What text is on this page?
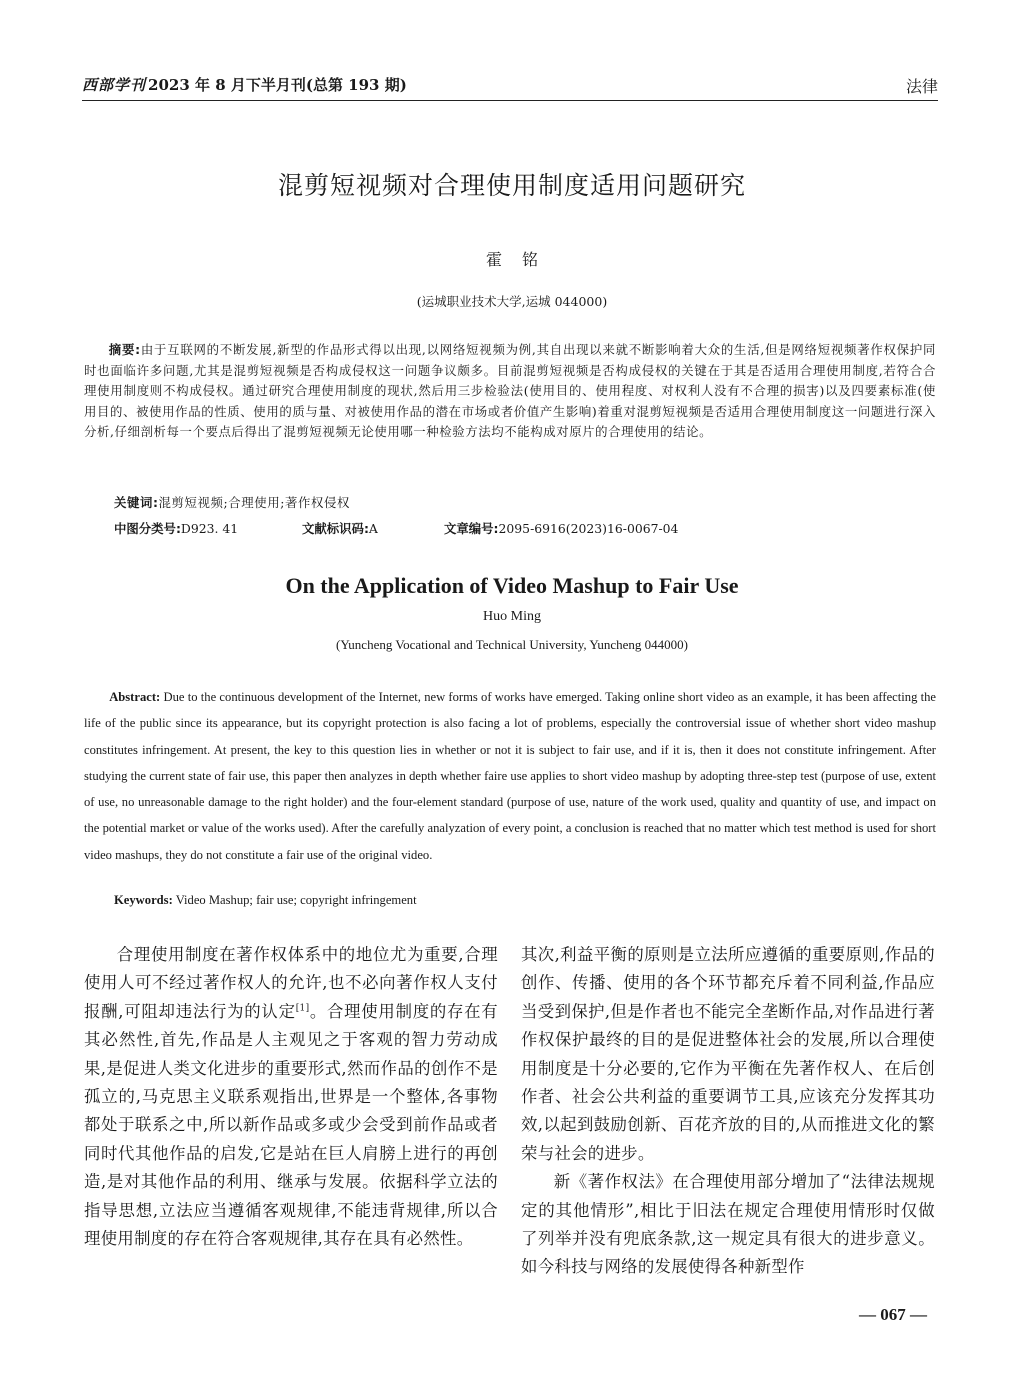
西部学刊 2023 年 8 月下半月刊(总第 193 期)	法律
混剪短视频对合理使用制度适用问题研究
霍铭
(运城职业技术大学,运城 044000)
摘要:由于互联网的不断发展,新型的作品形式得以出现,以网络短视频为例,其自出现以来就不断影响着大众的生活,但是网络短视频著作权保护同时也面临许多问题,尤其是混剪短视频是否构成侵权这一问题争议颇多。目前混剪短视频是否构成侵权的关键在于其是否适用合理使用制度,若符合合理使用制度则不构成侵权。通过研究合理使用制度的现状,然后用三步检验法(使用目的、使用程度、对权利人没有不合理的损害)以及四要素标准(使用目的、被使用作品的性质、使用的质与量、对被使用作品的潜在市场或者价值产生影响)着重对混剪短视频是否适用合理使用制度这一问题进行深入分析,仔细剖析每一个要点后得出了混剪短视频无论使用哪一种检验方法均不能构成对原片的合理使用的结论。
关键词:混剪短视频;合理使用;著作权侵权
中图分类号:D923. 41	文献标识码:A	文章编号:2095-6916(2023)16-0067-04
On the Application of Video Mashup to Fair Use
Huo Ming
(Yuncheng Vocational and Technical University, Yuncheng 044000)
Abstract: Due to the continuous development of the Internet, new forms of works have emerged. Taking online short video as an example, it has been affecting the life of the public since its appearance, but its copyright protection is also facing a lot of problems, especially the controversial issue of whether short video mashup constitutes infringement. At present, the key to this question lies in whether or not it is subject to fair use, and if it is, then it does not constitute infringement. After studying the current state of fair use, this paper then analyzes in depth whether faire use applies to short video mashup by adopting three-step test (purpose of use, extent of use, no unreasonable damage to the right holder) and the four-element standard (purpose of use, nature of the work used, quality and quantity of use, and impact on the potential market or value of the works used). After the carefully analyzation of every point, a conclusion is reached that no matter which test method is used for short video mashups, they do not constitute a fair use of the original video.
Keywords: Video Mashup; fair use; copyright infringement

合理使用制度在著作权体系中的地位尤为重要,合理使用人可不经过著作权人的允许,也不必向著作权人支付报酬,可阻却违法行为的认定[1]。合理使用制度的存在有其必然性,首先,作品是人主观见之于客观的智力劳动成果,是促进人类文化进步的重要形式,然而作品的创作不是孤立的,马克思主义联系观指出,世界是一个整体,各事物都处于联系之中,所以新作品或多或少会受到前作品或者同时代其他作品的启发,它是站在巨人肩膀上进行的再创造,是对其他作品的利用、继承与发展。依据科学立法的指导思想,立法应当遵循客观规律,不能违背规律,所以合理使用制度的存在符合客观规律,其存在具有必然性。

其次,利益平衡的原则是立法所应遵循的重要原则,作品的创作、传播、使用的各个环节都充斥着不同利益,作品应当受到保护,但是作者也不能完全垄断作品,对作品进行著作权保护最终的目的是促进整体社会的发展,所以合理使用制度是十分必要的,它作为平衡在先著作权人、在后创作者、社会公共利益的重要调节工具,应该充分发挥其功效,以起到鼓励创新、百花齐放的目的,从而推进文化的繁荣与社会的进步。

新《著作权法》在合理使用部分增加了“法律法规规定的其他情形”,相比于旧法在规定合理使用情形时仅做了列举并没有兜底条款,这一规定具有很大的进步意义。如今科技与网络的发展使得各种新型作

— 067 —
